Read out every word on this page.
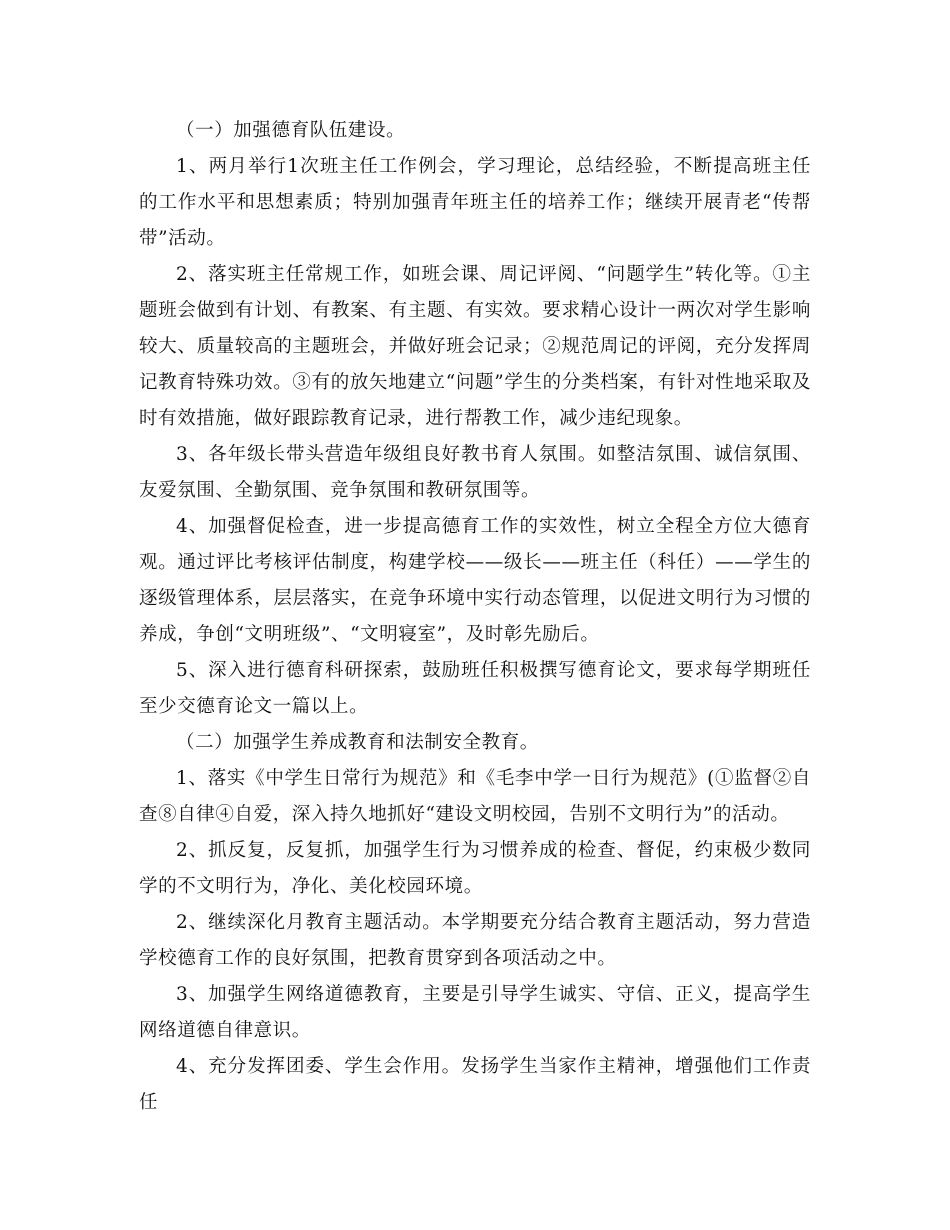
（一）加强德育队伍建设。

1、两月举行1次班主任工作例会，学习理论，总结经验，不断提高班主任的工作水平和思想素质；特别加强青年班主任的培养工作；继续开展青老“传帮带”活动。

2、落实班主任常规工作，如班会课、周记评阅、“问题学生”转化等。①主题班会做到有计划、有教案、有主题、有实效。要求精心设计一两次对学生影响较大、质量较高的主题班会，并做好班会记录；②规范周记的评阅，充分发挥周记教育特殊功效。③有的放矢地建立“问题”学生的分类档案，有针对性地采取及时有效措施，做好跟踪教育记录，进行帮教工作，减少违纪现象。

3、各年级长带头营造年级组良好教书育人氛围。如整洁氛围、诚信氛围、友爱氛围、全勤氛围、竞争氛围和教研氛围等。

4、加强督促检查，进一步提高德育工作的实效性，树立全程全方位大德育观。通过评比考核评估制度，构建学校——级长——班主任（科任）——学生的逐级管理体系，层层落实，在竞争环境中实行动态管理，以促进文明行为习惯的养成，争创“文明班级”、“文明寝室”，及时彰先励后。

5、深入进行德育科研探索，鼓励班任积极撰写德育论文，要求每学期班任至少交德育论文一篇以上。

（二）加强学生养成教育和法制安全教育。

1、落实《中学生日常行为规范》和《毛李中学一日行为规范》(①监督②自查⑧自律④自爱，深入持久地抓好“建设文明校园，告别不文明行为”的活动。

2、抓反复，反复抓，加强学生行为习惯养成的检查、督促，约束极少数同学的不文明行为，净化、美化校园环境。

2、继续深化月教育主题活动。本学期要充分结合教育主题活动，努力营造学校德育工作的良好氛围，把教育贯穿到各项活动之中。

3、加强学生网络道德教育，主要是引导学生诚实、守信、正义，提高学生网络道德自律意识。

4、充分发挥团委、学生会作用。发扬学生当家作主精神，增强他们工作责任
